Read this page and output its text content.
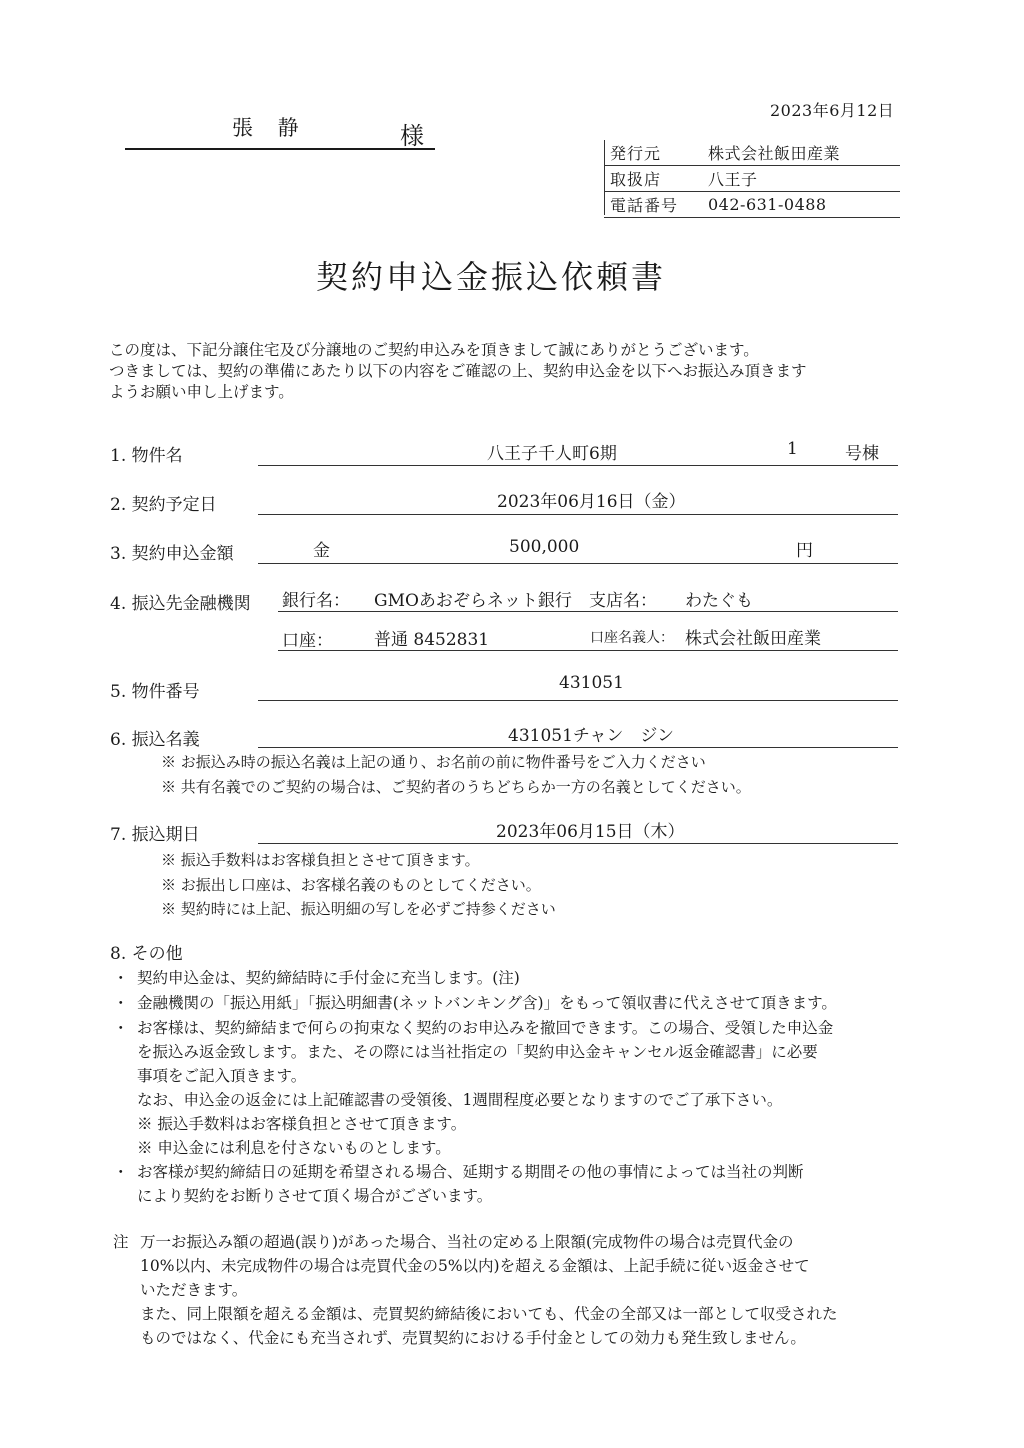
2023年6月12日
張 静	様
発行元	株式会社飯田産業
取扱店	八王子
電話番号	042-631-0488
契約申込金振込依頼書
この度は、下記分譲住宅及び分譲地のご契約申込みを頂きまして誠にありがとうございます。
つきましては、契約の準備にあたり以下の内容をご確認の上、契約申込金を以下へお振込み頂きます
ようお願い申し上げます。
1. 物件名	八王子千人町6期	1	号棟
2. 契約予定日	2023年06月16日（金）
3. 契約申込金額	金	500,000	円
4. 振込先金融機関 銀行名： GMOあおぞらネット銀行 支店名： わたぐも
口座： 普通 8452831	口座名義人： 株式会社飯田産業
5. 物件番号	431051
6. 振込名義	431051チャン　ジン
※ お振込み時の振込名義は上記の通り、お名前の前に物件番号をご入力ください
※ 共有名義でのご契約の場合は、ご契約者のうちどちらか一方の名義としてください。
7. 振込期日	2023年06月15日（木）
※ 振込手数料はお客様負担とさせて頂きます。
※ お振出し口座は、お客様名義のものとしてください。
※ 契約時には上記、振込明細の写しを必ずご持参ください
8. その他
・ 契約申込金は、契約締結時に手付金に充当します。(注)
・ 金融機関の「振込用紙」「振込明細書(ネットバンキング含)」をもって領収書に代えさせて頂きます。
・ お客様は、契約締結まで何らの拘束なく契約のお申込みを撤回できます。この場合、受領した申込金
を振込み返金致します。また、その際には当社指定の「契約申込金キャンセル返金確認書」に必要
事項をご記入頂きます。
なお、申込金の返金には上記確認書の受領後、1週間程度必要となりますのでご了承下さい。
※ 振込手数料はお客様負担とさせて頂きます。
※ 申込金には利息を付さないものとします。
・ お客様が契約締結日の延期を希望される場合、延期する期間その他の事情によっては当社の判断
により契約をお断りさせて頂く場合がございます。
注 万一お振込み額の超過(誤り)があった場合、当社の定める上限額(完成物件の場合は売買代金の
10%以内、未完成物件の場合は売買代金の5%以内)を超える金額は、上記手続に従い返金させて
いただきます。
また、同上限額を超える金額は、売買契約締結後においても、代金の全部又は一部として収受された
ものではなく、代金にも充当されず、売買契約における手付金としての効力も発生致しません。
